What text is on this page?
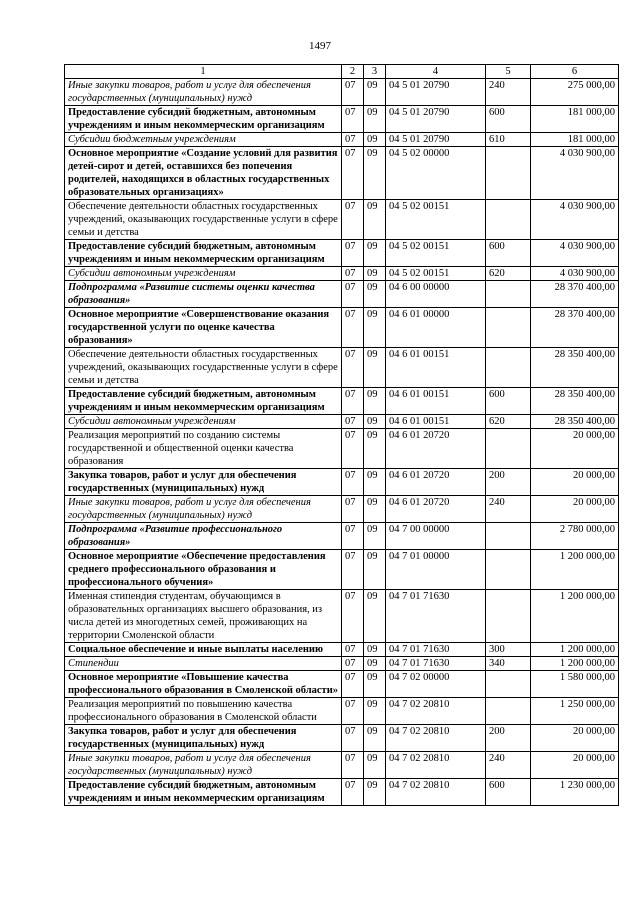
1497
1	2	3	4	5	6
Иные закупки товаров, работ и услуг для обеспечения государственных (муниципальных) нужд	07	09	04 5 01 20790	240	275 000,00
Предоставление субсидий бюджетным, автономным учреждениям и иным некоммерческим организациям	07	09	04 5 01 20790	600	181 000,00
Субсидии бюджетным учреждениям	07	09	04 5 01 20790	610	181 000,00
Основное мероприятие «Создание условий для развития детей-сирот и детей, оставшихся без попечения родителей, находящихся в областных государственных образовательных организациях»	07	09	04 5 02 00000		4 030 900,00
Обеспечение деятельности областных государственных учреждений, оказывающих государственные услуги в сфере семьи и детства	07	09	04 5 02 00151		4 030 900,00
Предоставление субсидий бюджетным, автономным учреждениям и иным некоммерческим организациям	07	09	04 5 02 00151	600	4 030 900,00
Субсидии автономным учреждениям	07	09	04 5 02 00151	620	4 030 900,00
Подпрограмма «Развитие системы оценки качества образования»	07	09	04 6 00 00000		28 370 400,00
Основное мероприятие «Совершенствование оказания государственной услуги по оценке качества образования»	07	09	04 6 01 00000		28 370 400,00
Обеспечение деятельности областных государственных учреждений, оказывающих государственные услуги в сфере семьи и детства	07	09	04 6 01 00151		28 350 400,00
Предоставление субсидий бюджетным, автономным учреждениям и иным некоммерческим организациям	07	09	04 6 01 00151	600	28 350 400,00
Субсидии автономным учреждениям	07	09	04 6 01 00151	620	28 350 400,00
Реализация мероприятий по созданию системы государственной и общественной оценки качества образования	07	09	04 6 01 20720		20 000,00
Закупка товаров, работ и услуг для обеспечения государственных (муниципальных) нужд	07	09	04 6 01 20720	200	20 000,00
Иные закупки товаров, работ и услуг для обеспечения государственных (муниципальных) нужд	07	09	04 6 01 20720	240	20 000,00
Подпрограмма «Развитие профессионального образования»	07	09	04 7 00 00000		2 780 000,00
Основное мероприятие «Обеспечение предоставления среднего профессионального образования и профессионального обучения»	07	09	04 7 01 00000		1 200 000,00
Именная стипендия студентам, обучающимся в образовательных организациях высшего образования, из числа детей из многодетных семей, проживающих на территории Смоленской области	07	09	04 7 01 71630		1 200 000,00
Социальное обеспечение и иные выплаты населению	07	09	04 7 01 71630	300	1 200 000,00
Стипендии	07	09	04 7 01 71630	340	1 200 000,00
Основное мероприятие «Повышение качества профессионального образования в Смоленской области»	07	09	04 7 02 00000		1 580 000,00
Реализация мероприятий по повышению качества профессионального образования в Смоленской области	07	09	04 7 02 20810		1 250 000,00
Закупка товаров, работ и услуг для обеспечения государственных (муниципальных) нужд	07	09	04 7 02 20810	200	20 000,00
Иные закупки товаров, работ и услуг для обеспечения государственных (муниципальных) нужд	07	09	04 7 02 20810	240	20 000,00
Предоставление субсидий бюджетным, автономным учреждениям и иным некоммерческим организациям	07	09	04 7 02 20810	600	1 230 000,00
